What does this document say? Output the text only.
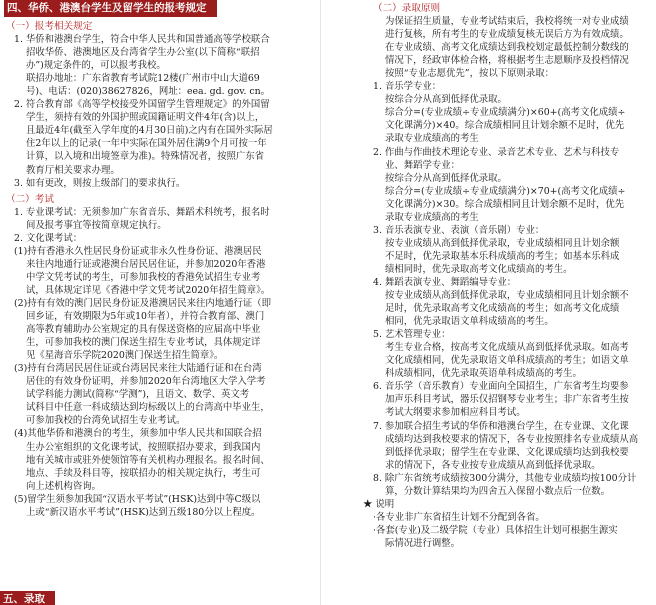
四、华侨、港澳台学生及留学生的报考规定
（一）报考相关规定
1. 华侨和港澳台学生，符合中华人民共和国普通高等学校联合
招收华侨、港澳地区及台湾省学生办公室(以下简称“联招
办”)规定条件的，可以报考我校。
联招办地址：广东省教育考试院12楼(广州市中山大道69
号)、电话：(020)38627826，网址：eea. gd. gov. cn。
2. 符合教育部《高等学校接受外国留学生管理规定》的外国留
学生，须持有效的外国护照或国籍证明文件4年(含)以上，
且最近4年(截至入学年度的4月30日前)之内有在国外实际居
住2年以上的记录(一年中实际在国外居住满9个月可按一年
计算，以入境和出境签章为准)。特殊情况者，按照广东省
教育厅相关要求办理。
3. 如有更改，则按上级部门的要求执行。
（二）考试
1. 专业课考试：无须参加广东省音乐、舞蹈术科统考，报名时
间及报考事宜等按简章规定执行。
2. 文化课考试：
(1)持有香港永久性居民身份证或非永久性身份证、港澳居民
来往内地通行证或港澳台居民居住证，并参加2020年香港
中学文凭考试的考生，可参加我校的香港免试招生专业考
试，具体规定详见《香港中学文凭考试2020年招生简章》。
(2)持有有效的澳门居民身份证及港澳居民来往内地通行证（即
回乡证，有效期限为5年或10年者），并符合教育部、澳门
高等教育辅助办公室规定的具有保送资格的应届高中毕业
生，可参加我校的澳门保送生招生专业考试，具体规定详
见《星海音乐学院2020澳门保送生招生简章》。
(3)持有台湾居民居住证或台湾居民来往大陆通行证和在台湾
居住的有效身份证明，并参加2020年台湾地区大学入学考
试学科能力测试(简称“学测”)，且语文、数学、英文考
试科目中任意一科成绩达到均标级以上的台湾高中毕业生，
可参加我校的台湾免试招生专业考试。
(4)其他华侨和港澳台的考生，须参加中华人民共和国联合招
生办公室组织的文化课考试，按照联招办要求，到我国内
地有关城市或驻外使领馆等有关机构办理报名。报名时间、
地点、手续及科目等，按联招办的相关规定执行，考生可
向上述机构咨询。
(5)留学生须参加我国“汉语水平考试”(HSK)达到中等C级以
上或“新汉语水平考试”(HSK)达到五级180分以上程度。
五、录取
（二）录取原则
为保证招生质量，专业考试结束后，我校将统一对专业成绩
进行复核，所有考生的专业成绩复核无误后方为有效成绩。
在专业成绩、高考文化成绩达到我校划定最低控制分数线的
情况下，经政审体检合格，将根据考生志愿顺序及投档情况
按照“专业志愿优先”，按以下原则录取：
1. 音乐学专业：
按综合分从高到低择优录取。
综合分=(专业成绩÷专业成绩满分)×60+(高考文化成绩÷
文化课满分)×40。综合成绩相同且计划余额不足时，优先
录取专业成绩高的考生
2. 作曲与作曲技术理论专业、录音艺术专业、艺术与科技专
业、舞蹈学专业：
按综合分从高到低择优录取。
综合分=(专业成绩÷专业成绩满分)×70+(高考文化成绩÷
文化课满分)×30。综合成绩相同且计划余额不足时，优先
录取专业成绩高的考生
3. 音乐表演专业、表演（音乐剧）专业：
按专业成绩从高到低择优录取，专业成绩相同且计划余额
不足时，优先录取基本乐科成绩高的考生；如基本乐科成
绩相同时，优先录取高考文化成绩高的考生。
4. 舞蹈表演专业、舞蹈编导专业：
按专业成绩从高到低择优录取，专业成绩相同且计划余额不
足时，优先录取高考文化成绩高的考生；如高考文化成绩
相同，优先录取语文单科成绩高的考生。
5. 艺术管理专业：
考生专业合格，按高考文化成绩从高到低择优录取。如高考
文化成绩相同，优先录取语文单科成绩高的考生；如语文单
科成绩相同，优先录取英语单科成绩高的考生。
6. 音乐学（音乐教育）专业面向全国招生，广东省考生均要参
加声乐科目考试，器乐仅招钢琴专业考生；非广东省考生按
考试大纲要求参加相应科目考试。
7. 参加联合招生考试的华侨和港澳台学生，在专业课、文化课
成绩均达到我校要求的情况下，各专业按照排名专业成绩从高
到低择优录取；留学生在专业课、文化课成绩均达到我校要
求的情况下，各专业按专业成绩从高到低择优录取。
8. 除广东省统考成绩按300分满分，其他专业成绩均按100分计
算，分数计算结果均为四舍五入保留小数点后一位数。
★ 说明
·各专业非广东省招生计划不分配到各省。
·各套(专业)及二级学院（专业）具体招生计划可根据生源实
际情况进行调整。
